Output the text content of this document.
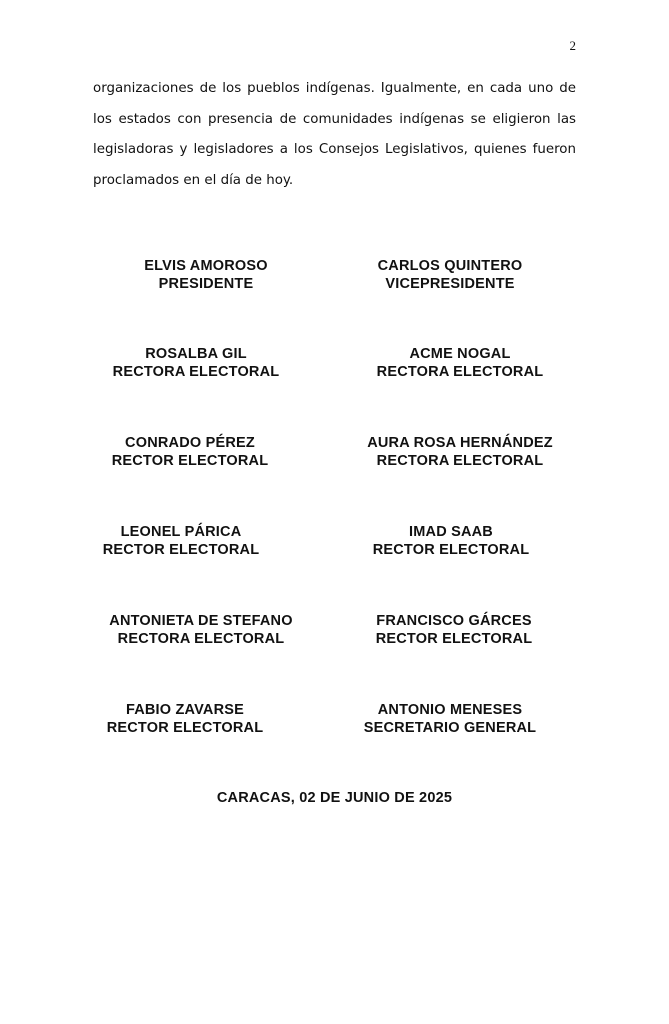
2
organizaciones de los pueblos indígenas. Igualmente, en cada uno de
los estados con presencia de comunidades indígenas se eligieron las
legisladoras y legisladores a los Consejos Legislativos, quienes fueron
proclamados en el día de hoy.
ELVIS AMOROSO
PRESIDENTE
CARLOS QUINTERO
VICEPRESIDENTE
ROSALBA GIL
RECTORA ELECTORAL
ACME NOGAL
RECTORA ELECTORAL
CONRADO PÉREZ
RECTOR ELECTORAL
AURA ROSA HERNÁNDEZ
RECTORA ELECTORAL
LEONEL PÁRICA
RECTOR ELECTORAL
IMAD SAAB
RECTOR ELECTORAL
ANTONIETA DE STEFANO
RECTORA ELECTORAL
FRANCISCO GÁRCES
RECTOR ELECTORAL
FABIO ZAVARSE
RECTOR ELECTORAL
ANTONIO MENESES
SECRETARIO GENERAL
CARACAS, 02 DE JUNIO DE 2025
